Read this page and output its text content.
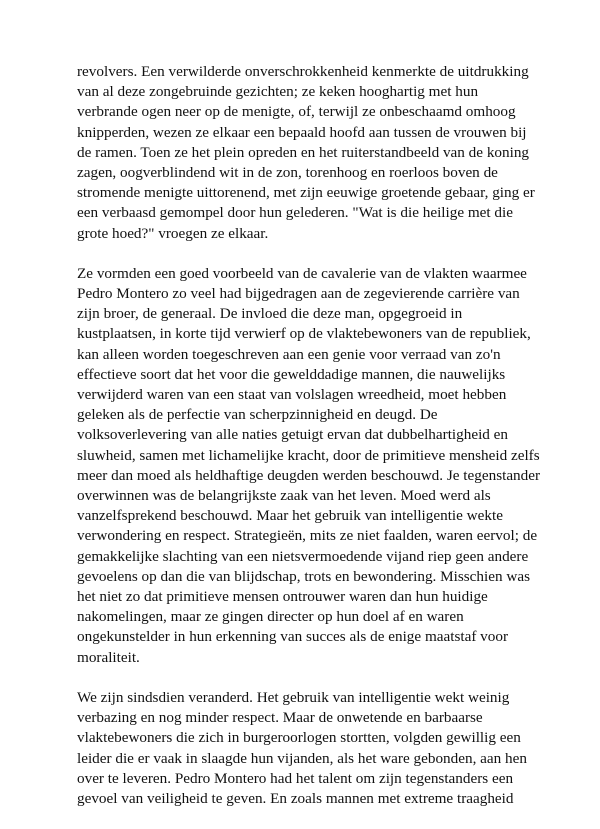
revolvers. Een verwilderde onverschrokkenheid kenmerkte de uitdrukking
van al deze zongebruinde gezichten; ze keken hooghartig met hun
verbrande ogen neer op de menigte, of, terwijl ze onbeschaamd omhoog
knipperden, wezen ze elkaar een bepaald hoofd aan tussen de vrouwen bij
de ramen. Toen ze het plein opreden en het ruiterstandbeeld van de koning
zagen, oogverblindend wit in de zon, torenhoog en roerloos boven de
stromende menigte uittorenend, met zijn eeuwige groetende gebaar, ging er
een verbaasd gemompel door hun gelederen. "Wat is die heilige met die
grote hoed?" vroegen ze elkaar.
Ze vormden een goed voorbeeld van de cavalerie van de vlakten waarmee
Pedro Montero zo veel had bijgedragen aan de zegevierende carrière van
zijn broer, de generaal. De invloed die deze man, opgegroeid in
kustplaatsen, in korte tijd verwierf op de vlaktebewoners van de republiek,
kan alleen worden toegeschreven aan een genie voor verraad van zo'n
effectieve soort dat het voor die gewelddadige mannen, die nauwelijks
verwijderd waren van een staat van volslagen wreedheid, moet hebben
geleken als de perfectie van scherpzinnigheid en deugd. De
volksoverlevering van alle naties getuigt ervan dat dubbelhartigheid en
sluwheid, samen met lichamelijke kracht, door de primitieve mensheid zelfs
meer dan moed als heldhaftige deugden werden beschouwd. Je tegenstander
overwinnen was de belangrijkste zaak van het leven. Moed werd als
vanzelfsprekend beschouwd. Maar het gebruik van intelligentie wekte
verwondering en respect. Strategieën, mits ze niet faalden, waren eervol; de
gemakkelijke slachting van een nietsvermoedende vijand riep geen andere
gevoelens op dan die van blijdschap, trots en bewondering. Misschien was
het niet zo dat primitieve mensen ontrouwer waren dan hun huidige
nakomelingen, maar ze gingen directer op hun doel af en waren
ongekunstelder in hun erkenning van succes als de enige maatstaf voor
moraliteit.
We zijn sindsdien veranderd. Het gebruik van intelligentie wekt weinig
verbazing en nog minder respect. Maar de onwetende en barbaarse
vlaktebewoners die zich in burgeroorlogen stortten, volgden gewillig een
leider die er vaak in slaagde hun vijanden, als het ware gebonden, aan hen
over te leveren. Pedro Montero had het talent om zijn tegenstanders een
gevoel van veiligheid te geven. En zoals mannen met extreme traagheid
